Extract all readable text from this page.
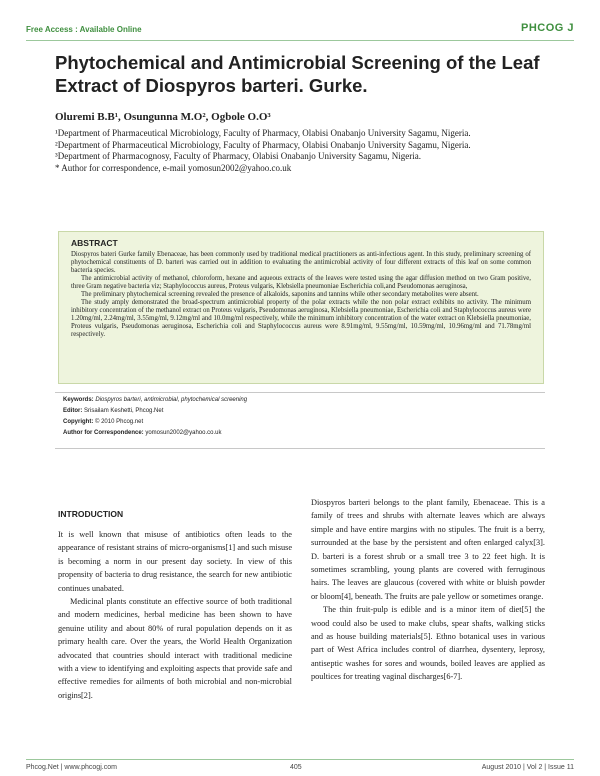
Free Access : Available Online	PHCOG J
Phytochemical and Antimicrobial Screening of the Leaf Extract of Diospyros barteri. Gurke.
Oluremi B.B¹, Osungunna M.O², Ogbole O.O³
¹Department of Pharmaceutical Microbiology, Faculty of Pharmacy, Olabisi Onabanjo University Sagamu, Nigeria.
²Department of Pharmaceutical Microbiology, Faculty of Pharmacy, Olabisi Onabanjo University Sagamu, Nigeria.
³Department of Pharmacognosy, Faculty of Pharmacy, Olabisi Onabanjo University Sagamu, Nigeria.
* Author for correspondence, e-mail yomosun2002@yahoo.co.uk
ABSTRACT

Diospyros bateri Gurke family Ebenaceae, has been commonly used by traditional medical practitioners as anti-infectious agent. In this study, preliminary screening of phytochemical constituents of D. barteri was carried out in addition to evaluating the antimicrobial activity of four different extracts of this leaf on some common bacteria species.

The antimicrobial activity of methanol, chloroform, hexane and aqueous extracts of the leaves were tested using the agar diffusion method on two Gram positive, three Gram negative bacteria viz; Staphylococcus aureus, Proteus vulgaris, Klebsiella pneumoniae Escherichia coli,and Pseudomonas aeruginosa,

The preliminary phytochemical screening revealed the presence of alkaloids, saponins and tannins while other secondary metabolites were absent.

The study amply demonstrated the broad-spectrum antimicrobial property of the polar extracts while the non polar extract exhibits no activity. The minimum inhibitory concentration of the methanol extract on Proteus vulgaris, Pseudomonas aeruginosa, Klebsiella pneumoniae, Escherichia coli and Staphylococcus aureus were 1.20mg/ml, 2.24mg/ml, 3.55mg/ml, 9.12mg/ml and 10.0mg/ml respectively, while the minimum inhibitory concentration of the water extract on Klebsiella pneumoniae, Proteus vulgaris, Pseudomonas aeruginosa, Escherichia coli and Staphylococcus aureus were 8.91mg/ml, 9.55mg/ml, 10.59mg/ml, 10.96mg/ml and 71.78mg/ml respectively.

Keywords: Diospyros barteri, antimicrobial, phytochemical screening
Editor: Srisailam Keshetti, Phcog.Net
Copyright: © 2010 Phcog.net
Author for Correspondence: yomosun2002@yahoo.co.uk
INTRODUCTION

It is well known that misuse of antibiotics often leads to the appearance of resistant strains of micro-organisms[1] and such misuse is becoming a norm in our present day society. In view of this propensity of bacteria to drug resistance, the search for new antibiotic continues unabated.

Medicinal plants constitute an effective source of both traditional and modern medicines, herbal medicine has been shown to have genuine utility and about 80% of rural population depends on it as primary health care. Over the years, the World Health Organization advocated that countries should interact with traditional medicine with a view to identifying and exploiting aspects that provide safe and effective remedies for ailments of both microbial and non-microbial origins[2].

Diospyros barteri belongs to the plant family, Ebenaceae. This is a family of trees and shrubs with alternate leaves which are always simple and have entire margins with no stipules. The fruit is a berry, surrounded at the base by the persistent and often enlarged calyx[3]. D. barteri is a forest shrub or a small tree 3 to 22 feet high. It is sometimes scrambling, young plants are covered with ferruginous hairs. The leaves are glaucous (covered with white or bluish powder or bloom[4], beneath. The fruits are pale yellow or sometimes orange.

The thin fruit-pulp is edible and is a minor item of diet[5] the wood could also be used to make clubs, spear shafts, walking sticks and as house building materials[5]. Ethno botanical uses in various part of West Africa includes control of diarrhea, dysentery, leprosy, antiseptic washes for sores and wounds, boiled leaves are applied as poultices for treating vaginal discharges[6-7].

Phcog.Net | www.phcogj.com	405	August 2010 | Vol 2 | Issue 11
